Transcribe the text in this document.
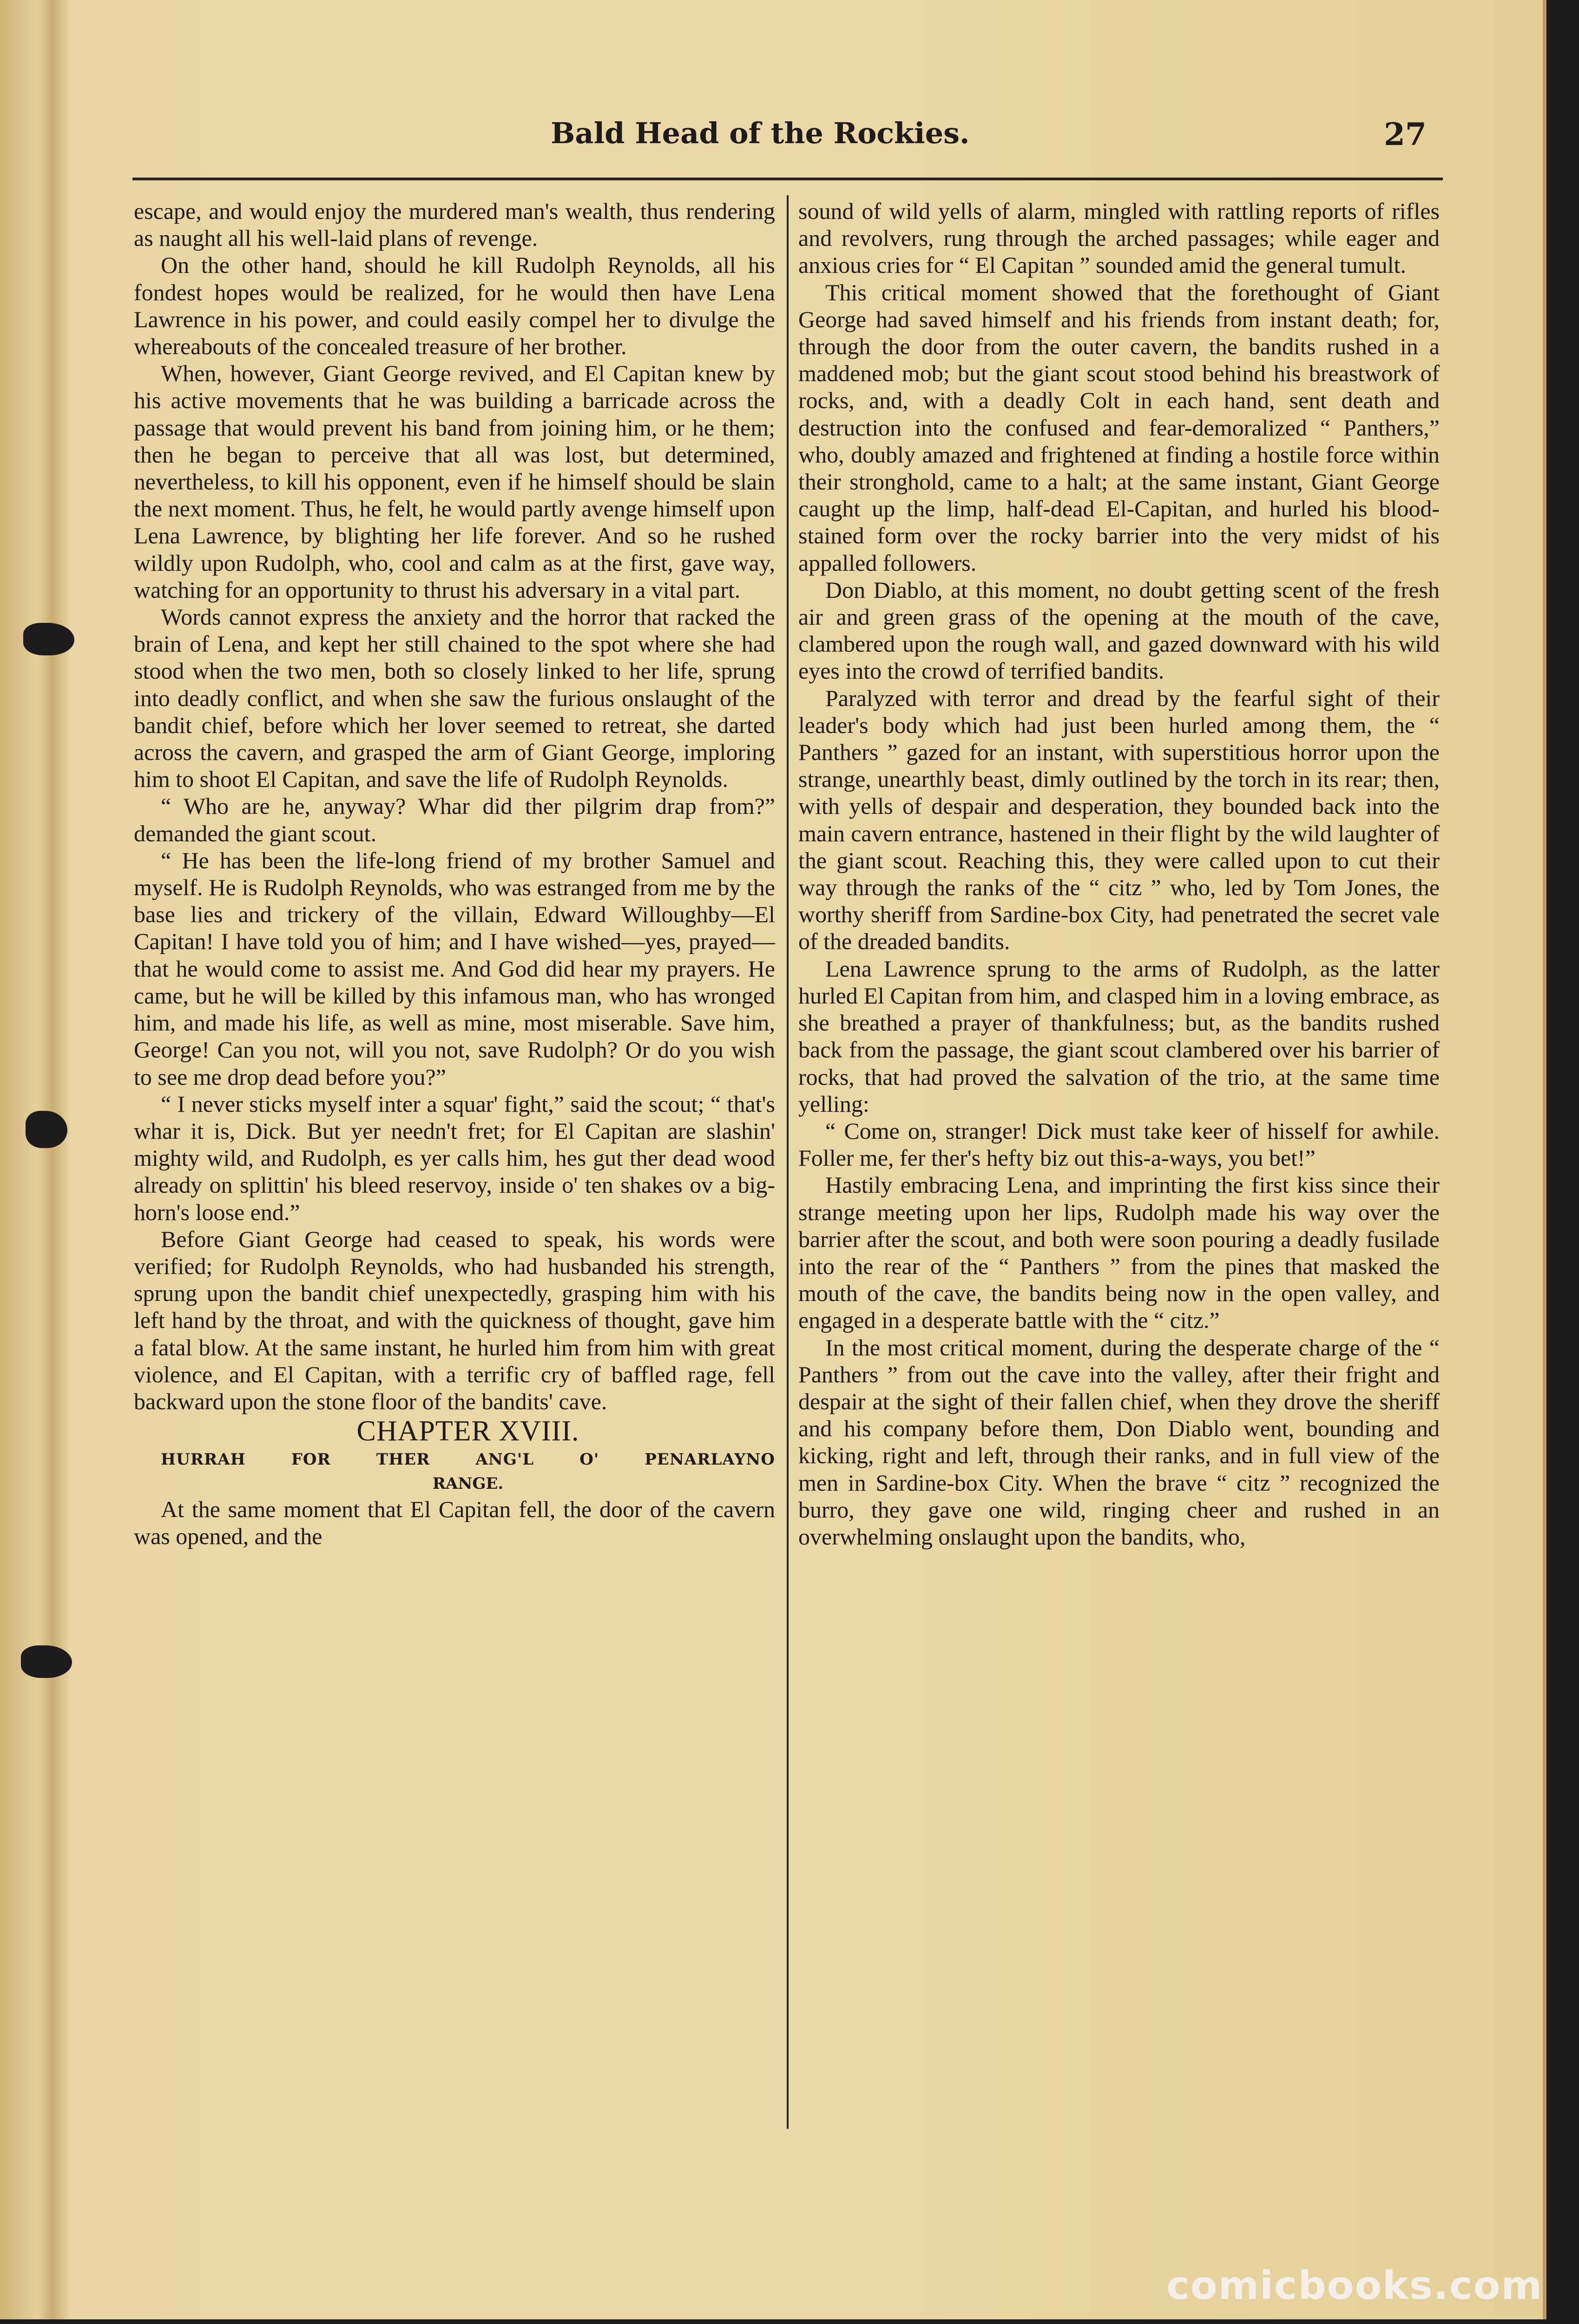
Bald Head of the Rockies.	27

escape, and would enjoy the murdered man's wealth, thus rendering as naught all his well-laid plans of revenge.

On the other hand, should he kill Rudolph Reynolds, all his fondest hopes would be realized, for he would then have Lena Lawrence in his power, and could easily compel her to divulge the whereabouts of the concealed treasure of her brother.

When, however, Giant George revived, and El Capitan knew by his active movements that he was building a barricade across the passage that would prevent his band from joining him, or he them; then he began to perceive that all was lost, but determined, nevertheless, to kill his opponent, even if he himself should be slain the next moment. Thus, he felt, he would partly avenge himself upon Lena Lawrence, by blighting her life forever. And so he rushed wildly upon Rudolph, who, cool and calm as at the first, gave way, watching for an opportunity to thrust his adversary in a vital part.

Words cannot express the anxiety and the horror that racked the brain of Lena, and kept her still chained to the spot where she had stood when the two men, both so closely linked to her life, sprung into deadly conflict, and when she saw the furious onslaught of the bandit chief, before which her lover seemed to retreat, she darted across the cavern, and grasped the arm of Giant George, imploring him to shoot El Capitan, and save the life of Rudolph Reynolds.

“ Who are he, anyway? Whar did ther pilgrim drap from?” demanded the giant scout.

“ He has been the life-long friend of my brother Samuel and myself. He is Rudolph Reynolds, who was estranged from me by the base lies and trickery of the villain, Edward Willoughby—El Capitan! I have told you of him; and I have wished—yes, prayed—that he would come to assist me. And God did hear my prayers. He came, but he will be killed by this infamous man, who has wronged him, and made his life, as well as mine, most miserable. Save him, George! Can you not, will you not, save Rudolph? Or do you wish to see me drop dead before you?”

“ I never sticks myself inter a squar' fight,” said the scout; “ that's whar it is, Dick. But yer needn't fret; for El Capitan are slashin' mighty wild, and Rudolph, es yer calls him, hes gut ther dead wood already on splittin' his bleed reservoy, inside o' ten shakes ov a big-horn's loose end.”

Before Giant George had ceased to speak, his words were verified; for Rudolph Reynolds, who had husbanded his strength, sprung upon the bandit chief unexpectedly, grasping him with his left hand by the throat, and with the quickness of thought, gave him a fatal blow. At the same instant, he hurled him from him with great violence, and El Capitan, with a terrific cry of baffled rage, fell backward upon the stone floor of the bandits' cave.

CHAPTER XVIII.

HURRAH FOR THER ANG'L O' PENARLAYNO

RANGE.

At the same moment that El Capitan fell, the door of the cavern was opened, and the

sound of wild yells of alarm, mingled with rattling reports of rifles and revolvers, rung through the arched passages; while eager and anxious cries for “ El Capitan ” sounded amid the general tumult.

This critical moment showed that the forethought of Giant George had saved himself and his friends from instant death; for, through the door from the outer cavern, the bandits rushed in a maddened mob; but the giant scout stood behind his breastwork of rocks, and, with a deadly Colt in each hand, sent death and destruction into the confused and fear-demoralized “ Panthers,” who, doubly amazed and frightened at finding a hostile force within their stronghold, came to a halt; at the same instant, Giant George caught up the limp, half-dead El-Capitan, and hurled his blood-stained form over the rocky barrier into the very midst of his appalled followers.

Don Diablo, at this moment, no doubt getting scent of the fresh air and green grass of the opening at the mouth of the cave, clambered upon the rough wall, and gazed downward with his wild eyes into the crowd of terrified bandits.

Paralyzed with terror and dread by the fearful sight of their leader's body which had just been hurled among them, the “ Panthers ” gazed for an instant, with superstitious horror upon the strange, unearthly beast, dimly outlined by the torch in its rear; then, with yells of despair and desperation, they bounded back into the main cavern entrance, hastened in their flight by the wild laughter of the giant scout. Reaching this, they were called upon to cut their way through the ranks of the “ citz ” who, led by Tom Jones, the worthy sheriff from Sardine-box City, had penetrated the secret vale of the dreaded bandits.

Lena Lawrence sprung to the arms of Rudolph, as the latter hurled El Capitan from him, and clasped him in a loving embrace, as she breathed a prayer of thankfulness; but, as the bandits rushed back from the passage, the giant scout clambered over his barrier of rocks, that had proved the salvation of the trio, at the same time yelling:

“ Come on, stranger! Dick must take keer of hisself for awhile. Foller me, fer ther's hefty biz out this-a-ways, you bet!”

Hastily embracing Lena, and imprinting the first kiss since their strange meeting upon her lips, Rudolph made his way over the barrier after the scout, and both were soon pouring a deadly fusilade into the rear of the “ Panthers ” from the pines that masked the mouth of the cave, the bandits being now in the open valley, and engaged in a desperate battle with the “ citz.”

In the most critical moment, during the desperate charge of the “ Panthers ” from out the cave into the valley, after their fright and despair at the sight of their fallen chief, when they drove the sheriff and his company before them, Don Diablo went, bounding and kicking, right and left, through their ranks, and in full view of the men in Sardine-box City. When the brave “ citz ” recognized the burro, they gave one wild, ringing cheer and rushed in an overwhelming onslaught upon the bandits, who,

comicbooks.com
